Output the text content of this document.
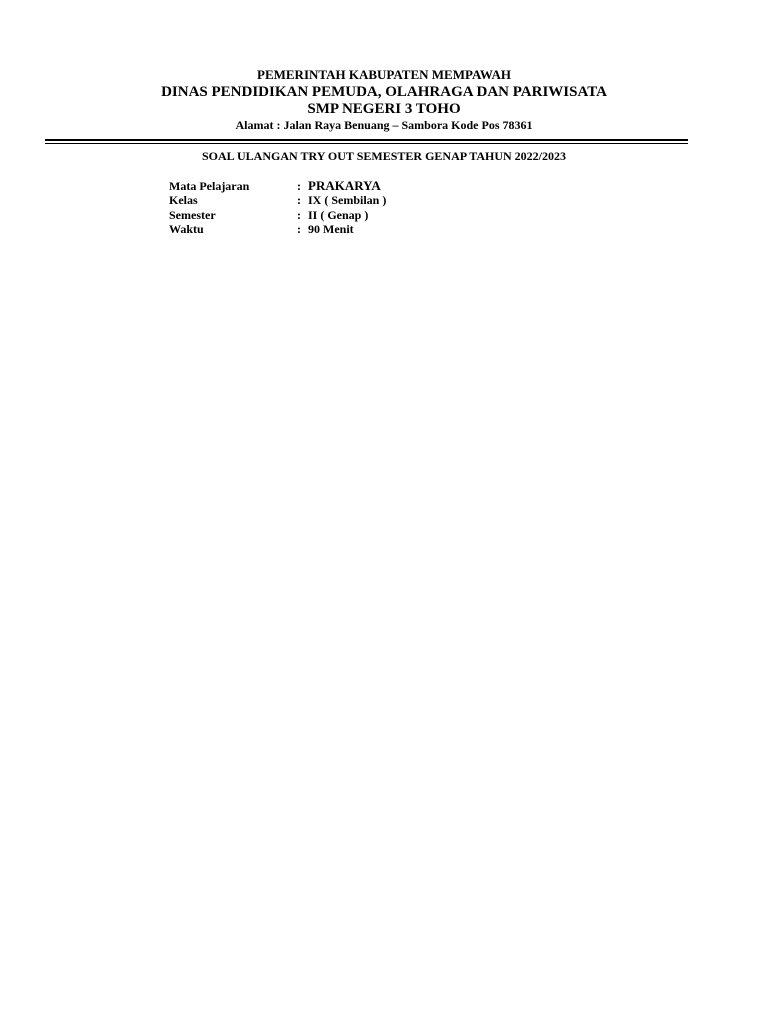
PEMERINTAH KABUPATEN MEMPAWAH
DINAS PENDIDIKAN PEMUDA, OLAHRAGA DAN PARIWISATA
SMP NEGERI 3 TOHO
Alamat : Jalan Raya Benuang – Sambora Kode Pos 78361
SOAL ULANGAN TRY OUT SEMESTER GENAP TAHUN 2022/2023
Mata Pelajaran	: PRAKARYA
Kelas	: IX ( Sembilan )
Semester	: II ( Genap )
Waktu	: 90 Menit
